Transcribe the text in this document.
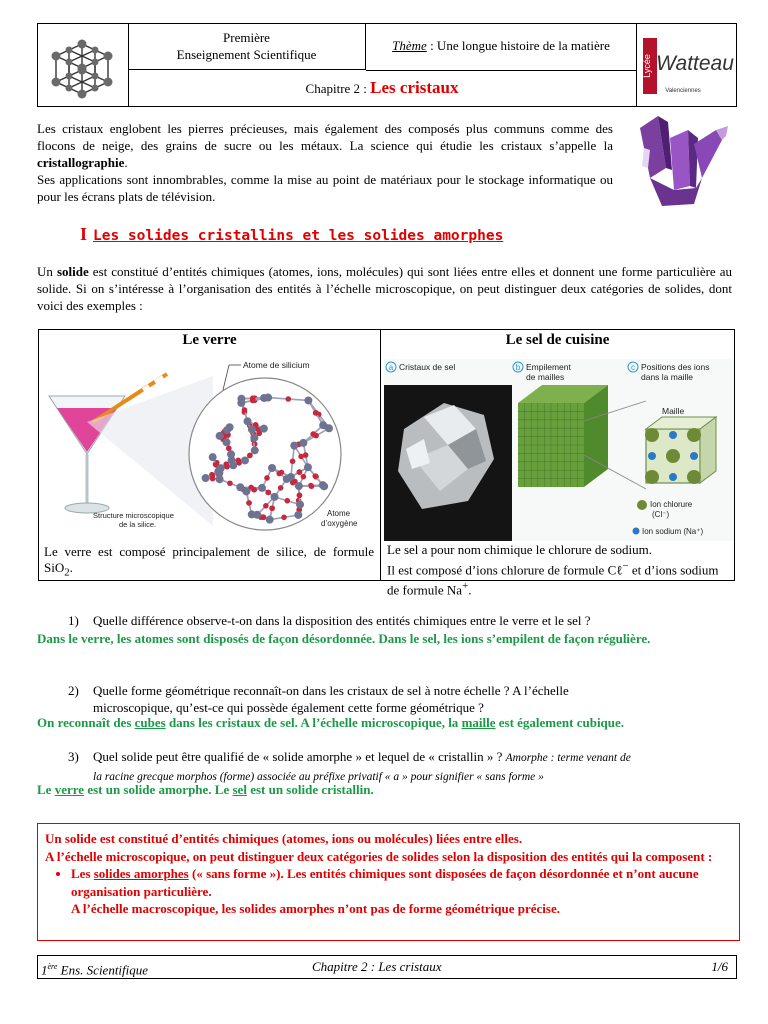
Première
Enseignement Scientifique
Thème : Une longue histoire de la matière
Chapitre 2 : Les cristaux
Lycée Watteau
Valenciennes
Les cristaux englobent les pierres précieuses, mais également des composés plus communs comme des flocons de neige, des grains de sucre ou les métaux. La science qui étudie les cristaux s’appelle la cristallographie.
Ses applications sont innombrables, comme la mise au point de matériaux pour le stockage informatique ou pour les écrans plats de télévision.
I Les solides cristallins et les solides amorphes
Un solide est constitué d’entités chimiques (atomes, ions, molécules) qui sont liées entre elles et donnent une forme particulière au solide. Si on s’intéresse à l’organisation des entités à l’échelle microscopique, on peut distinguer deux catégories de solides, dont voici des exemples :
Le verre
Atome de silicium
Structure microscopique
de la silice.
Atome
d’oxygène
Le verre est composé principalement de silice, de formule SiO$_2$.
Le sel de cuisine
a Cristaux de sel	b Empilement
de mailles
c Positions des ions
dans la maille
Maille
Ion chlorure
(Cl⁻)
Ion sodium (Na⁺)
Le sel a pour nom chimique le chlorure de sodium.
Il est composé d’ions chlorure de formule Cℓ− et d’ions sodium de formule Na+.
1) Quelle différence observe-t-on dans la disposition des entités chimiques entre le verre et le sel ?
Dans le verre, les atomes sont disposés de façon désordonnée. Dans le sel, les ions s’empilent de façon régulière.
2) Quelle forme géométrique reconnaît-on dans les cristaux de sel à notre échelle ? A l’échelle
microscopique, qu’est-ce qui possède également cette forme géométrique ?
On reconnaît des cubes dans les cristaux de sel. A l’échelle microscopique, la maille est également cubique.
3) Quel solide peut être qualifié de « solide amorphe » et lequel de « cristallin » ? Amorphe : terme venant de
la racine grecque morphos (forme) associée au préfixe privatif « a » pour signifier « sans forme »
Le verre est un solide amorphe. Le sel est un solide cristallin.
Un solide est constitué d’entités chimiques (atomes, ions ou molécules) liées entre elles.
A l’échelle microscopique, on peut distinguer deux catégories de solides selon la disposition des entités qui la composent :
• Les solides amorphes (« sans forme »). Les entités chimiques sont disposées de façon désordonnée et n’ont aucune organisation particulière.
A l’échelle macroscopique, les solides amorphes n’ont pas de forme géométrique précise.
1ère Ens. Scientifique	Chapitre 2 : Les cristaux	1/6
